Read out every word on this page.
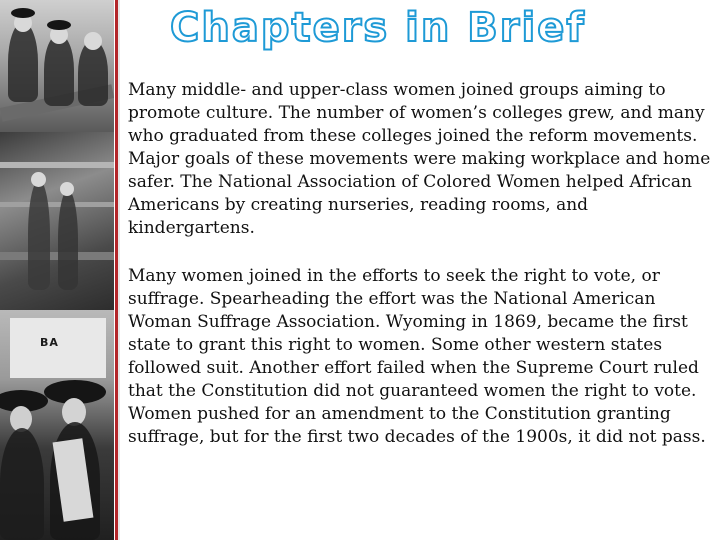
BA
Chapters in Brief

Many middle- and upper-class women joined groups aiming to promote culture. The number of women’s colleges grew, and many who graduated from these colleges joined the reform movements. Major goals of these movements were making workplace and home safer. The National Association of Colored Women helped African Americans by creating nurseries, reading rooms, and kindergartens.

Many women joined in the efforts to seek the right to vote, or suffrage. Spearheading the effort was the National American Woman Suffrage Association. Wyoming in 1869, became the first state to grant this right to women. Some other western states followed suit. Another effort failed when the Supreme Court ruled that the Constitution did not guaranteed women the right to vote. Women pushed for an amendment to the Constitution granting suffrage, but for the first two decades of the 1900s, it did not pass.
